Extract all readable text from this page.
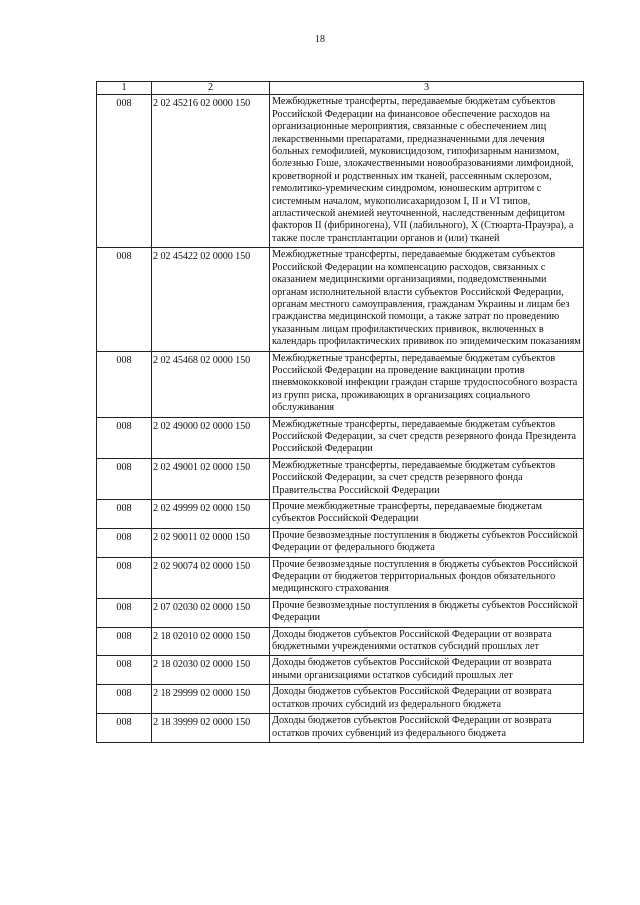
18
1	2	3
008	2 02 45216 02 0000 150	Межбюджетные трансферты, передаваемые бюджетам субъектов Российской Федерации на финансовое обеспечение расходов на организационные мероприятия, связанные с обеспечением лиц лекарственными препаратами, предназначенными для лечения больных гемофилией, муковисцидозом, гипофизарным нанизмом, болезнью Гоше, злокачественными новообразованиями лимфоидной, кроветворной и родственных им тканей, рассеянным склерозом, гемолитико-уремическим синдромом, юношеским артритом с системным началом, мукополисахаридозом I, II и VI типов, апластической анемией неуточненной, наследственным дефицитом факторов II (фибриногена), VII (лабильного), X (Стюарта-Прауэра), а также после трансплантации органов и (или) тканей
008	2 02 45422 02 0000 150	Межбюджетные трансферты, передаваемые бюджетам субъектов Российской Федерации на компенсацию расходов, связанных с оказанием медицинскими организациями, подведомственными органам исполнительной власти субъектов Российской Федерации, органам местного самоуправления, гражданам Украины и лицам без гражданства медицинской помощи, а также затрат по проведению указанным лицам профилактических прививок, включенных в календарь профилактических прививок по эпидемическим показаниям
008	2 02 45468 02 0000 150	Межбюджетные трансферты, передаваемые бюджетам субъектов Российской Федерации на проведение вакцинации против пневмококковой инфекции граждан старше трудоспособного возраста из групп риска, проживающих в организациях социального обслуживания
008	2 02 49000 02 0000 150	Межбюджетные трансферты, передаваемые бюджетам субъектов Российской Федерации, за счет средств резервного фонда Президента Российской Федерации
008	2 02 49001 02 0000 150	Межбюджетные трансферты, передаваемые бюджетам субъектов Российской Федерации, за счет средств резервного фонда Правительства Российской Федерации
008	2 02 49999 02 0000 150	Прочие межбюджетные трансферты, передаваемые бюджетам субъектов Российской Федерации
008	2 02 90011 02 0000 150	Прочие безвозмездные поступления в бюджеты субъектов Российской Федерации от федерального бюджета
008	2 02 90074 02 0000 150	Прочие безвозмездные поступления в бюджеты субъектов Российской Федерации от бюджетов территориальных фондов обязательного медицинского страхования
008	2 07 02030 02 0000 150	Прочие безвозмездные поступления в бюджеты субъектов Российской Федерации
008	2 18 02010 02 0000 150	Доходы бюджетов субъектов Российской Федерации от возврата бюджетными учреждениями остатков субсидий прошлых лет
008	2 18 02030 02 0000 150	Доходы бюджетов субъектов Российской Федерации от возврата иными организациями остатков субсидий прошлых лет
008	2 18 29999 02 0000 150	Доходы бюджетов субъектов Российской Федерации от возврата остатков прочих субсидий из федерального бюджета
008	2 18 39999 02 0000 150	Доходы бюджетов субъектов Российской Федерации от возврата остатков прочих субвенций из федерального бюджета
